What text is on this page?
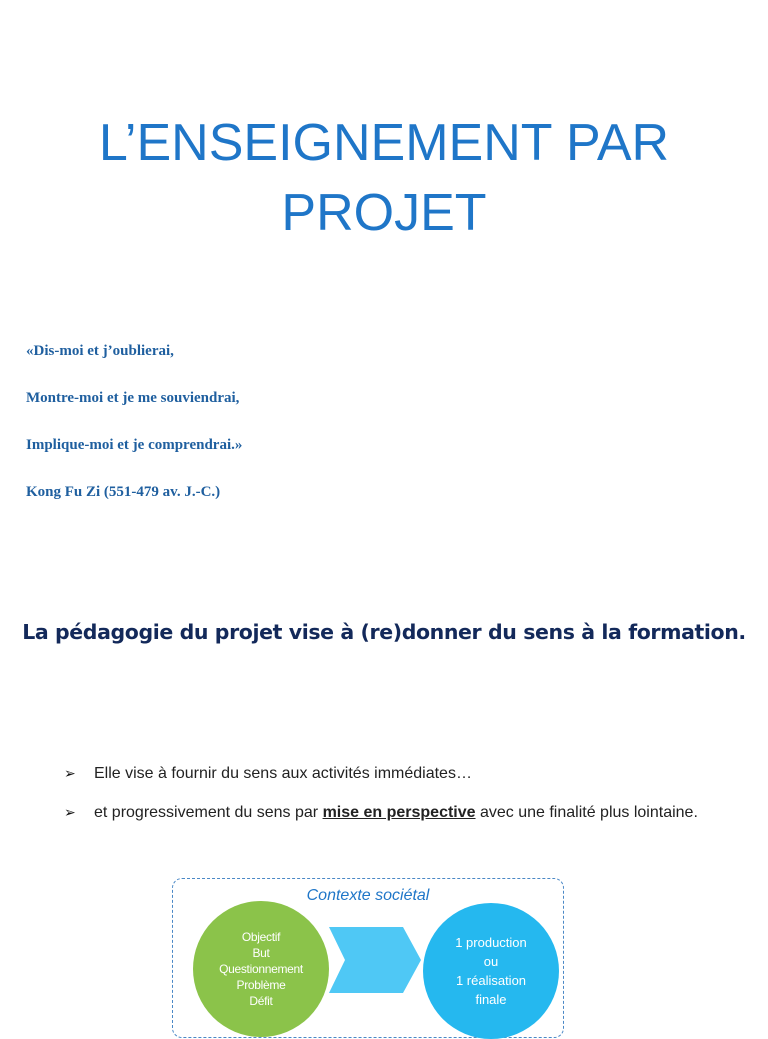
L’ENSEIGNEMENT PAR
PROJET
«Dis-moi et j’oublierai,
Montre-moi et je me souviendrai,
Implique-moi et je comprendrai.»
Kong Fu Zi (551-479 av. J.-C.)
La pédagogie du projet vise à (re)donner du sens à la formation.
➢ Elle vise à fournir du sens aux activités immédiates…
➢ et progressivement du sens par mise en perspective avec une finalité plus lointaine.
Contexte sociétal
Objectif
But
Questionnement
Problème
Défit
1 production
ou
1 réalisation
finale
